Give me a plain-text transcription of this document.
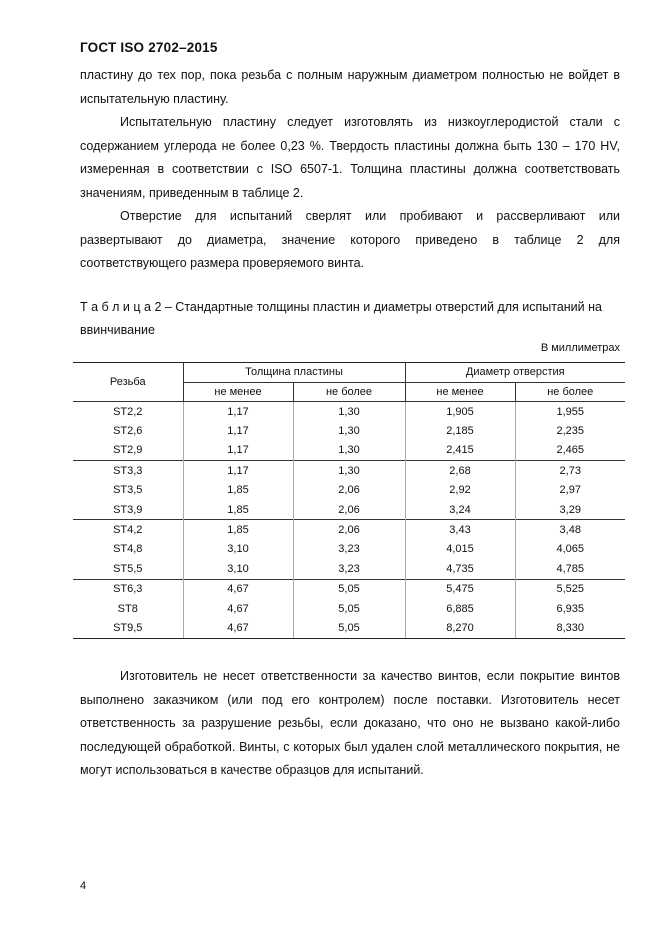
ГОСТ ISO 2702–2015

пластину до тех пор, пока резьба с полным наружным диаметром полностью не войдет в испытательную пластину.

Испытательную пластину следует изготовлять из низкоуглеродистой стали с содержанием углерода не более 0,23 %. Твердость пластины должна быть 130 – 170 HV, измеренная в соответствии с ISO 6507-1. Толщина пластины должна соответствовать значениям, приведенным в таблице 2.

Отверстие для испытаний сверлят или пробивают и рассверливают или развертывают до диаметра, значение которого приведено в таблице 2 для соответствующего размера проверяемого винта.

Т а б л и ц а 2 – Стандартные толщины пластин и диаметры отверстий для испытаний на ввинчивание
В миллиметрах
Резьба	Толщина пластины		Диаметр отверстия	
	не менее	не более	не менее	не более
ST2,2	1,17	1,30	1,905	1,955
ST2,6	1,17	1,30	2,185	2,235
ST2,9	1,17	1,30	2,415	2,465
ST3,3	1,17	1,30	2,68	2,73
ST3,5	1,85	2,06	2,92	2,97
ST3,9	1,85	2,06	3,24	3,29
ST4,2	1,85	2,06	3,43	3,48
ST4,8	3,10	3,23	4,015	4,065
ST5,5	3,10	3,23	4,735	4,785
ST6,3	4,67	5,05	5,475	5,525
ST8	4,67	5,05	6,885	6,935
ST9,5	4,67	5,05	8,270	8,330

Изготовитель не несет ответственности за качество винтов, если покрытие винтов выполнено заказчиком (или под его контролем) после поставки. Изготовитель несет ответственность за разрушение резьбы, если доказано, что оно не вызвано какой-либо последующей обработкой. Винты, с которых был удален слой металлического покрытия, не могут использоваться в качестве образцов для испытаний.

4
